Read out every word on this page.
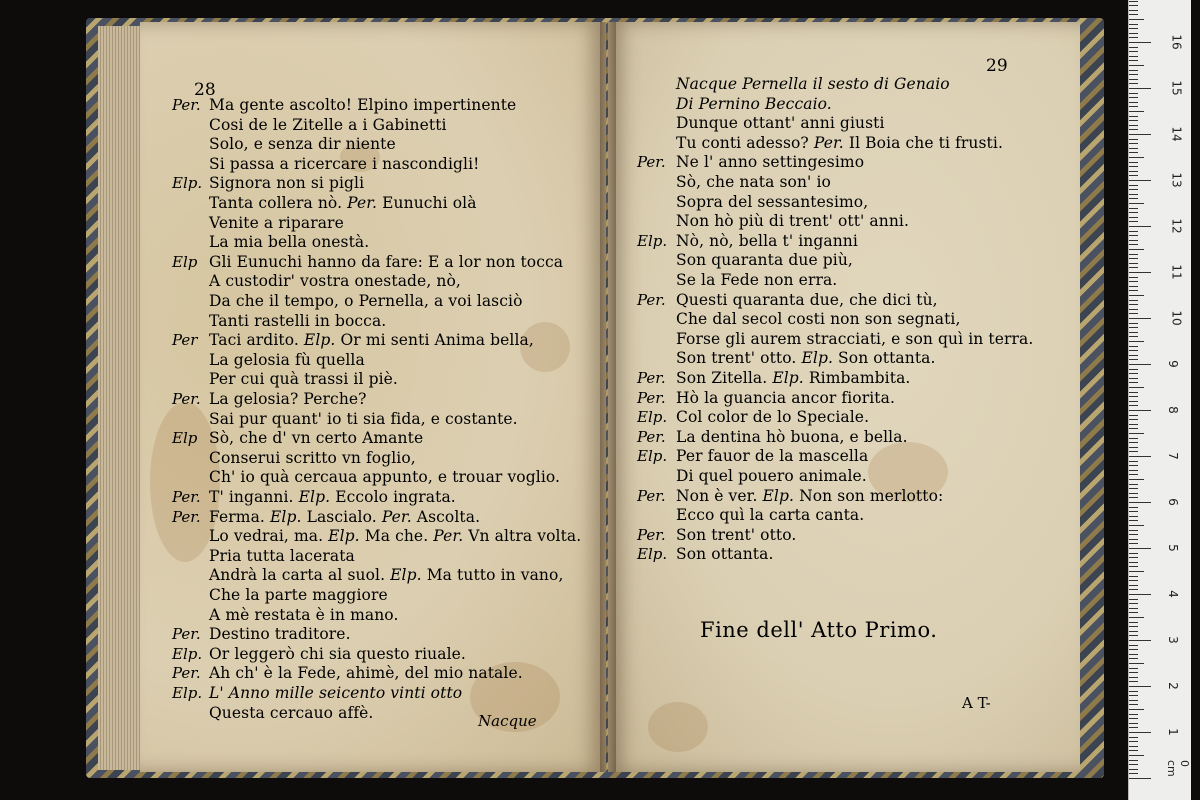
28
29
Per. Ma gente ascolto! Elpino impertinente
Cosi de le Zitelle a i Gabinetti
Solo, e senza dir niente
Si passa a ricercare i nascondigli!
Elp. Signora non si pigli
Tanta collera nò. Per. Eunuchi olà
Venite a riparare
La mia bella onestà.
Elp Gli Eunuchi hanno da fare: E a lor non tocca
A custodir' vostra onestade, nò,
Da che il tempo, o Pernella, a voi lasciò
Tanti rastelli in bocca.
Per Taci ardito. Elp. Or mi senti Anima bella,
La gelosia fù quella
Per cui quà trassi il piè.
Per. La gelosia? Perche?
Sai pur quant' io ti sia fida, e costante.
Elp Sò, che d' vn certo Amante
Conserui scritto vn foglio,
Ch' io quà cercaua appunto, e trouar voglio.
Per. T' inganni. Elp. Eccolo ingrata.
Per. Ferma. Elp. Lascialo. Per. Ascolta.
Lo vedrai, ma. Elp. Ma che. Per. Vn altra volta.
Pria tutta lacerata
Andrà la carta al suol. Elp. Ma tutto in vano,
Che la parte maggiore
A mè restata è in mano.
Per. Destino traditore.
Elp. Or leggerò chi sia questo riuale.
Per. Ah ch' è la Fede, ahimè, del mio natale.
Elp. L' Anno mille seicento vinti otto
Questa cercauo affè.
Nacque Pernella il sesto di Genaio
Di Pernino Beccaio.
Dunque ottant' anni giusti
Tu conti adesso? Per. Il Boia che ti frusti.
Per. Ne l' anno settingesimo
Sò, che nata son' io
Sopra del sessantesimo,
Non hò più di trent' ott' anni.
Elp. Nò, nò, bella t' inganni
Son quaranta due più,
Se la Fede non erra.
Per. Questi quaranta due, che dici tù,
Che dal secol costi non son segnati,
Forse gli aurem stracciati, e son quì in terra.
Son trent' otto. Elp. Son ottanta.
Per. Son Zitella. Elp. Rimbambita.
Per. Hò la guancia ancor fiorita.
Elp. Col color de lo Speciale.
Per. La dentina hò buona, e bella.
Elp. Per fauor de la mascella
Di quel pouero animale.
Per. Non è ver. Elp. Non son merlotto:
Ecco quì la carta canta.
Per. Son trent' otto.
Elp. Son ottanta.
Nacque
A T-
Fine dell' Atto Primo.
0 cm
1
2
3
4
5
6
7
8
9
10
11
12
13
14
15
16
